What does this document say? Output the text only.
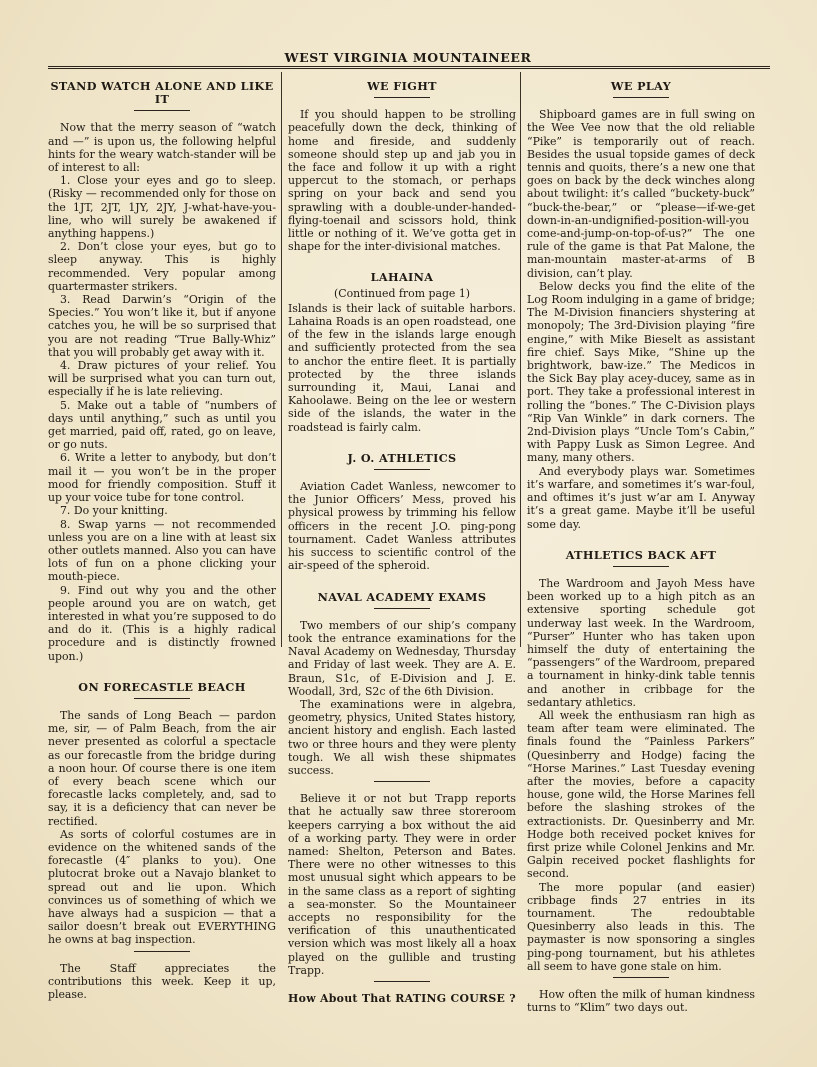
WEST VIRGINIA MOUNTAINEER
STAND WATCH ALONE AND LIKE IT

Now that the merry season of “watch and —” is upon us, the following helpful hints for the weary watch-stander will be of interest to all:

1. Close your eyes and go to sleep. (Risky — recommended only for those on the 1JT, 2JT, 1JY, 2JY, J-what-have-you-line, who will surely be awakened if anything happens.)

2. Don’t close your eyes, but go to sleep anyway. This is highly recommended. Very popular among quartermaster strikers.

3. Read Darwin’s “Origin of the Species.” You won’t like it, but if anyone catches you, he will be so surprised that you are not reading “True Bally-Whiz” that you will probably get away with it.

4. Draw pictures of your relief. You will be surprised what you can turn out, especially if he is late relieving.

5. Make out a table of “numbers of days until anything,” such as until you get married, paid off, rated, go on leave, or go nuts.

6. Write a letter to anybody, but don’t mail it — you won’t be in the proper mood for friendly composition. Stuff it up your voice tube for tone control.

7. Do your knitting.

8. Swap yarns — not recommended unless you are on a line with at least six other outlets manned. Also you can have lots of fun on a phone clicking your mouth-piece.

9. Find out why you and the other people around you are on watch, get interested in what you’re supposed to do and do it. (This is a highly radical procedure and is distinctly frowned upon.)

ON FORECASTLE BEACH

The sands of Long Beach — pardon me, sir, — of Palm Beach, from the air never presented as colorful a spectacle as our forecastle from the bridge during a noon hour. Of course there is one item of every beach scene which our forecastle lacks completely, and, sad to say, it is a deficiency that can never be rectified.

As sorts of colorful costumes are in evidence on the whitened sands of the forecastle (4″ planks to you). One plutocrat broke out a Navajo blanket to spread out and lie upon. Which convinces us of something of which we have always had a suspicion — that a sailor doesn’t break out EVERYTHING he owns at bag inspection.

The Staff appreciates the contributions this week. Keep it up, please.

WE FIGHT

If you should happen to be strolling peacefully down the deck, thinking of home and fireside, and suddenly someone should step up and jab you in the face and follow it up with a right uppercut to the stomach, or perhaps spring on your back and send you sprawling with a double-under-handed-flying-toenail and scissors hold, think little or nothing of it. We’ve gotta get in shape for the inter-divisional matches.

LAHAINA
(Continued from page 1)

Islands is their lack of suitable harbors. Lahaina Roads is an open roadstead, one of the few in the islands large enough and sufficiently protected from the sea to anchor the entire fleet. It is partially protected by the three islands surrounding it, Maui, Lanai and Kahoolawe. Being on the lee or western side of the islands, the water in the roadstead is fairly calm.

J. O. ATHLETICS

Aviation Cadet Wanless, newcomer to the Junior Officers’ Mess, proved his physical prowess by trimming his fellow officers in the recent J.O. ping-pong tournament. Cadet Wanless attributes his success to scientific control of the air-speed of the spheroid.

NAVAL ACADEMY EXAMS

Two members of our ship’s company took the entrance examinations for the Naval Academy on Wednesday, Thursday and Friday of last week. They are A. E. Braun, S1c, of E-Division and J. E. Woodall, 3rd, S2c of the 6th Division.

The examinations were in algebra, geometry, physics, United States history, ancient history and english. Each lasted two or three hours and they were plenty tough. We all wish these shipmates success.

Believe it or not but Trapp reports that he actually saw three storeroom keepers carrying a box without the aid of a working party. They were in order named: Shelton, Peterson and Bates. There were no other witnesses to this most unusual sight which appears to be in the same class as a report of sighting a sea-monster. So the Mountaineer accepts no responsibility for the verification of this unauthenticated version which was most likely all a hoax played on the gullible and trusting Trapp.

How About That RATING COURSE ?
WE PLAY

Shipboard games are in full swing on the Wee Vee now that the old reliable “Pike” is temporarily out of reach. Besides the usual topside games of deck tennis and quoits, there’s a new one that goes on back by the deck winches along about twilight: it’s called “buckety-buck” “buck-the-bear,” or “please—if-we-get down-in-an-undignified-position-will-you come-and-jump-on-top-of-us?” The one rule of the game is that Pat Malone, the man-mountain master-at-arms of B division, can’t play.

Below decks you find the elite of the Log Room indulging in a game of bridge; The M-Division financiers shystering at monopoly; The 3rd-Division playing “fire engine,” with Mike Bieselt as assistant fire chief. Says Mike, “Shine up the brightwork, baw-ize.” The Medicos in the Sick Bay play acey-ducey, same as in port. They take a professional interest in rolling the “bones.” The C-Division plays “Rip Van Winkle” in dark corners. The 2nd-Division plays “Uncle Tom’s Cabin,” with Pappy Lusk as Simon Legree. And many, many others.

And everybody plays war. Sometimes it’s warfare, and sometimes it’s war-foul, and oftimes it’s just w’ar am I. Anyway it’s a great game. Maybe it’ll be useful some day.

ATHLETICS BACK AFT

The Wardroom and Jayoh Mess have been worked up to a high pitch as an extensive sporting schedule got underway last week. In the Wardroom, “Purser” Hunter who has taken upon himself the duty of entertaining the “passengers” of the Wardroom, prepared a tournament in hinky-dink table tennis and another in cribbage for the sedantary athletics.

All week the enthusiasm ran high as team after team were eliminated. The finals found the “Painless Parkers” (Quesinberry and Hodge) facing the “Horse Marines.” Last Tuesday evening after the movies, before a capacity house, gone wild, the Horse Marines fell before the slashing strokes of the extractionists. Dr. Quesinberry and Mr. Hodge both received pocket knives for first prize while Colonel Jenkins and Mr. Galpin received pocket flashlights for second.

The more popular (and easier) cribbage finds 27 entries in its tournament. The redoubtable Quesinberry also leads in this. The paymaster is now sponsoring a singles ping-pong tournament, but his athletes all seem to have gone stale on him.

How often the milk of human kindness turns to “Klim” two days out.
